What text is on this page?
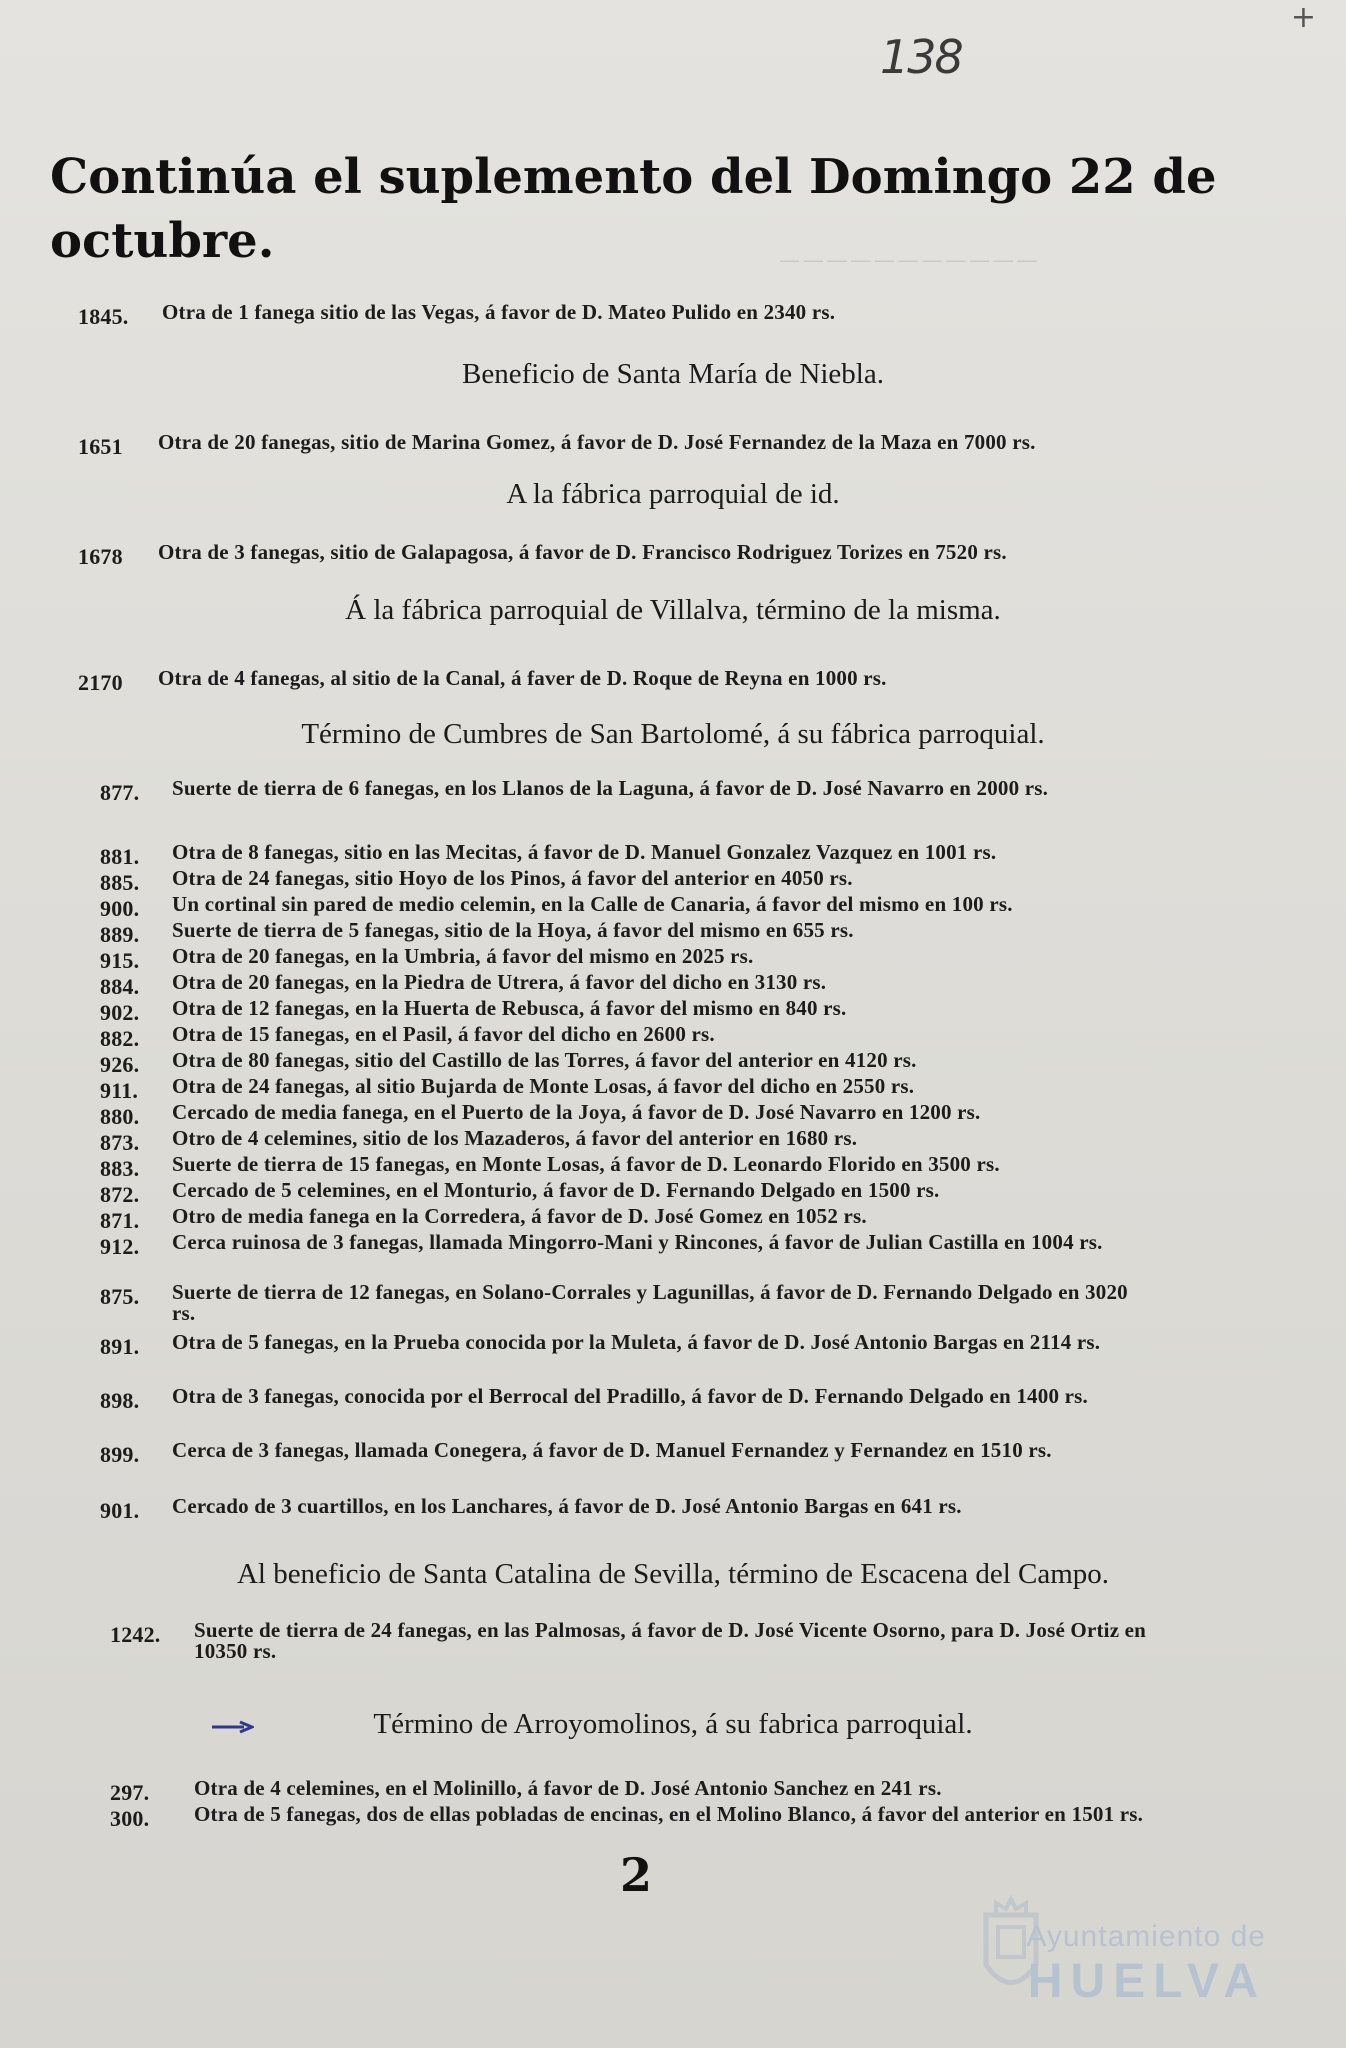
+
138
— — — — — — — — — — —
Continúa el suplemento del Domingo 22 de octubre.
1845. Otra de 1 fanega sitio de las Vegas, á favor de D. Mateo Pulido en 2340 rs.
Beneficio de Santa María de Niebla.
1651 Otra de 20 fanegas, sitio de Marina Gomez, á favor de D. José Fernandez de la Maza en 7000 rs.
A la fábrica parroquial de id.
1678 Otra de 3 fanegas, sitio de Galapagosa, á favor de D. Francisco Rodriguez Torizes en 7520 rs.
Á la fábrica parroquial de Villalva, término de la misma.
2170 Otra de 4 fanegas, al sitio de la Canal, á faver de D. Roque de Reyna en 1000 rs.
Término de Cumbres de San Bartolomé, á su fábrica parroquial.
877. Suerte de tierra de 6 fanegas, en los Llanos de la Laguna, á favor de D. José Navarro en 2000 rs.
881. Otra de 8 fanegas, sitio en las Mecitas, á favor de D. Manuel Gonzalez Vazquez en 1001 rs.
885. Otra de 24 fanegas, sitio Hoyo de los Pinos, á favor del anterior en 4050 rs.
900. Un cortinal sin pared de medio celemin, en la Calle de Canaria, á favor del mismo en 100 rs.
889. Suerte de tierra de 5 fanegas, sitio de la Hoya, á favor del mismo en 655 rs.
915. Otra de 20 fanegas, en la Umbria, á favor del mismo en 2025 rs.
884. Otra de 20 fanegas, en la Piedra de Utrera, á favor del dicho en 3130 rs.
902. Otra de 12 fanegas, en la Huerta de Rebusca, á favor del mismo en 840 rs.
882. Otra de 15 fanegas, en el Pasil, á favor del dicho en 2600 rs.
926. Otra de 80 fanegas, sitio del Castillo de las Torres, á favor del anterior en 4120 rs.
911. Otra de 24 fanegas, al sitio Bujarda de Monte Losas, á favor del dicho en 2550 rs.
880. Cercado de media fanega, en el Puerto de la Joya, á favor de D. José Navarro en 1200 rs.
873. Otro de 4 celemines, sitio de los Mazaderos, á favor del anterior en 1680 rs.
883. Suerte de tierra de 15 fanegas, en Monte Losas, á favor de D. Leonardo Florido en 3500 rs.
872. Cercado de 5 celemines, en el Monturio, á favor de D. Fernando Delgado en 1500 rs.
871. Otro de media fanega en la Corredera, á favor de D. José Gomez en 1052 rs.
912. Cerca ruinosa de 3 fanegas, llamada Mingorro-Mani y Rincones, á favor de Julian Castilla en 1004 rs.
875. Suerte de tierra de 12 fanegas, en Solano-Corrales y Lagunillas, á favor de D. Fernando Delgado en 3020 rs.
891. Otra de 5 fanegas, en la Prueba conocida por la Muleta, á favor de D. José Antonio Bargas en 2114 rs.
898. Otra de 3 fanegas, conocida por el Berrocal del Pradillo, á favor de D. Fernando Delgado en 1400 rs.
899. Cerca de 3 fanegas, llamada Conegera, á favor de D. Manuel Fernandez y Fernandez en 1510 rs.
901. Cercado de 3 cuartillos, en los Lanchares, á favor de D. José Antonio Bargas en 641 rs.
Al beneficio de Santa Catalina de Sevilla, término de Escacena del Campo.
1242. Suerte de tierra de 24 fanegas, en las Palmosas, á favor de D. José Vicente Osorno, para D. José Ortiz en 10350 rs.
Término de Arroyomolinos, á su fabrica parroquial.
297. Otra de 4 celemines, en el Molinillo, á favor de D. José Antonio Sanchez en 241 rs.
300. Otra de 5 fanegas, dos de ellas pobladas de encinas, en el Molino Blanco, á favor del anterior en 1501 rs.
2
Ayuntamiento de
HUELVA
